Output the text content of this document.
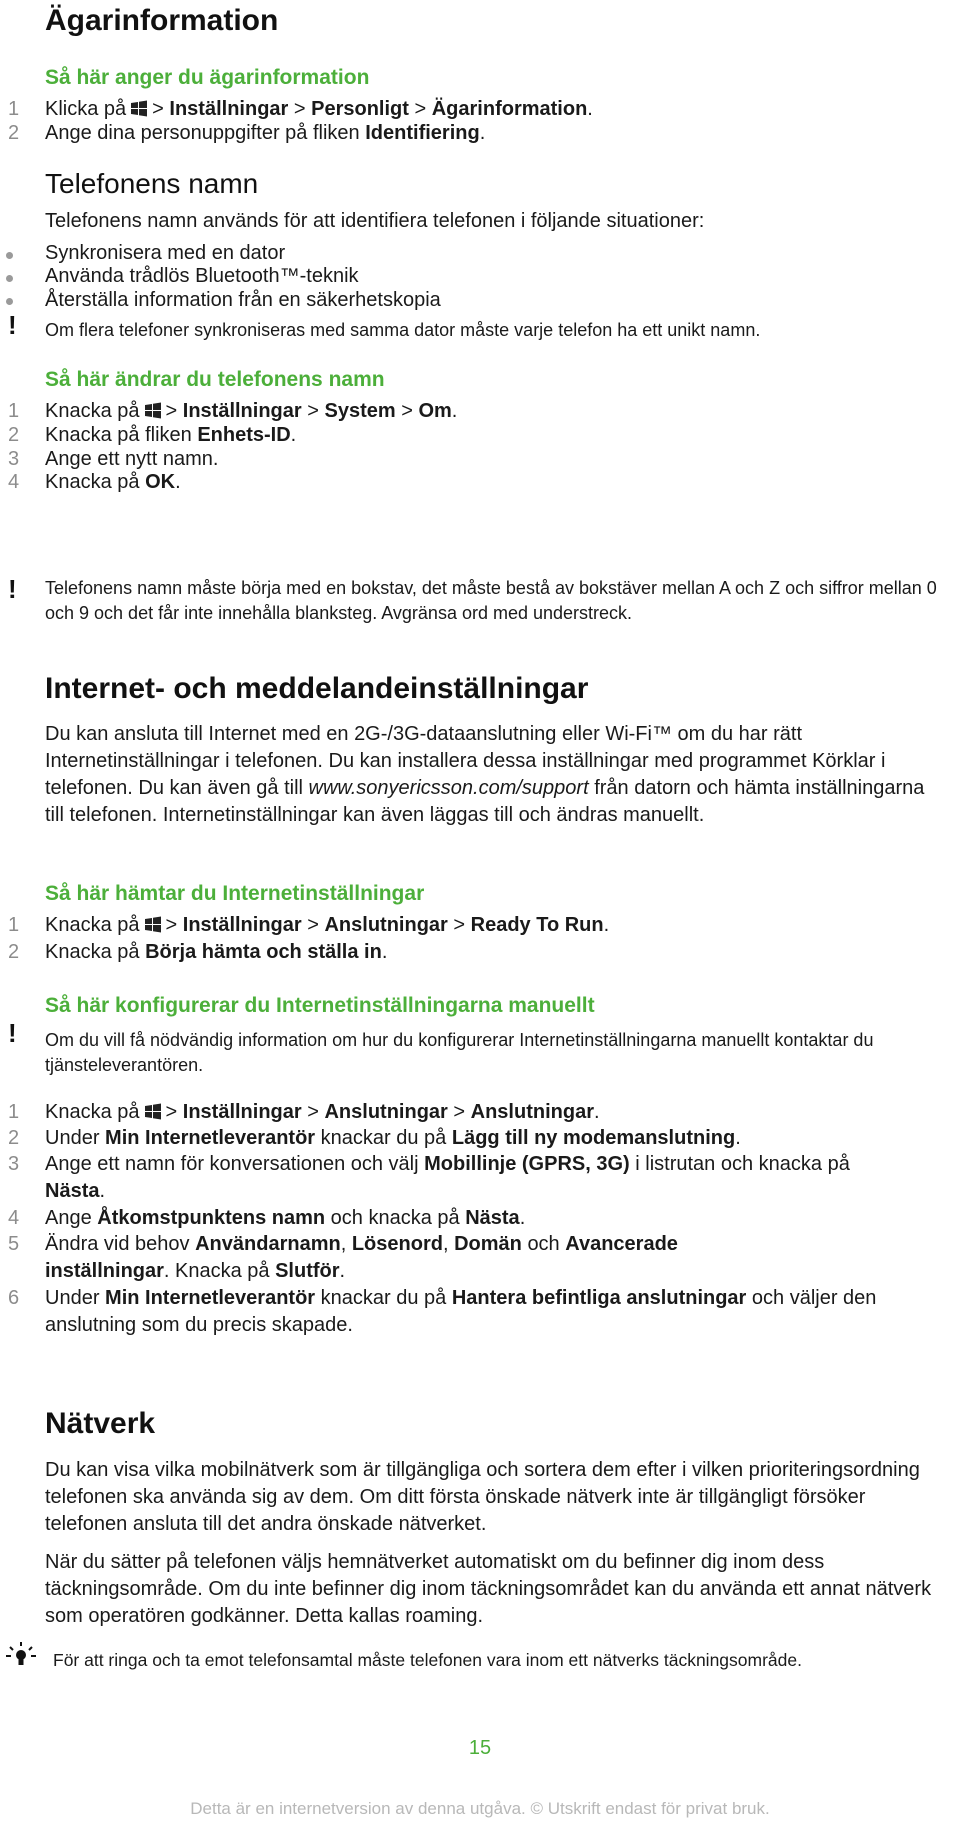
Ägarinformation
Så här anger du ägarinformation
1	Klicka på > Inställningar > Personligt > Ägarinformation.
2	Ange dina personuppgifter på fliken Identifiering.
Telefonens namn
Telefonens namn används för att identifiera telefonen i följande situationer:
Synkronisera med en dator
Använda trådlös Bluetooth™-teknik
Återställa information från en säkerhetskopia
! Om flera telefoner synkroniseras med samma dator måste varje telefon ha ett unikt namn.
Så här ändrar du telefonens namn
1	Knacka på > Inställningar > System > Om.
2	Knacka på fliken Enhets-ID.
3	Ange ett nytt namn.
4	Knacka på OK.
! Telefonens namn måste börja med en bokstav, det måste bestå av bokstäver mellan A och Z och siffror mellan 0 och 9 och det får inte innehålla blanksteg. Avgränsa ord med understreck.
Internet- och meddelandeinställningar
Du kan ansluta till Internet med en 2G-/3G-dataanslutning eller Wi-Fi™ om du har rätt Internetinställningar i telefonen. Du kan installera dessa inställningar med programmet Körklar i telefonen. Du kan även gå till www.sonyericsson.com/support från datorn och hämta inställningarna till telefonen. Internetinställningar kan även läggas till och ändras manuellt.
Så här hämtar du Internetinställningar
1	Knacka på > Inställningar > Anslutningar > Ready To Run.
2	Knacka på Börja hämta och ställa in.
Så här konfigurerar du Internetinställningarna manuellt
! Om du vill få nödvändig information om hur du konfigurerar Internetinställningarna manuellt kontaktar du tjänsteleverantören.
1	Knacka på > Inställningar > Anslutningar > Anslutningar.
2	Under Min Internetleverantör knackar du på Lägg till ny modemanslutning.
3	Ange ett namn för konversationen och välj Mobillinje (GPRS, 3G) i listrutan och knacka på Nästa.
4	Ange Åtkomstpunktens namn och knacka på Nästa.
5	Ändra vid behov Användarnamn, Lösenord, Domän och Avancerade inställningar. Knacka på Slutför.
6	Under Min Internetleverantör knackar du på Hantera befintliga anslutningar och väljer den anslutning som du precis skapade.
Nätverk
Du kan visa vilka mobilnätverk som är tillgängliga och sortera dem efter i vilken prioriteringsordning telefonen ska använda sig av dem. Om ditt första önskade nätverk inte är tillgängligt försöker telefonen ansluta till det andra önskade nätverket.
När du sätter på telefonen väljs hemnätverket automatiskt om du befinner dig inom dess täckningsområde. Om du inte befinner dig inom täckningsområdet kan du använda ett annat nätverk som operatören godkänner. Detta kallas roaming.
För att ringa och ta emot telefonsamtal måste telefonen vara inom ett nätverks täckningsområde.
15
Detta är en internetversion av denna utgåva. © Utskrift endast för privat bruk.
